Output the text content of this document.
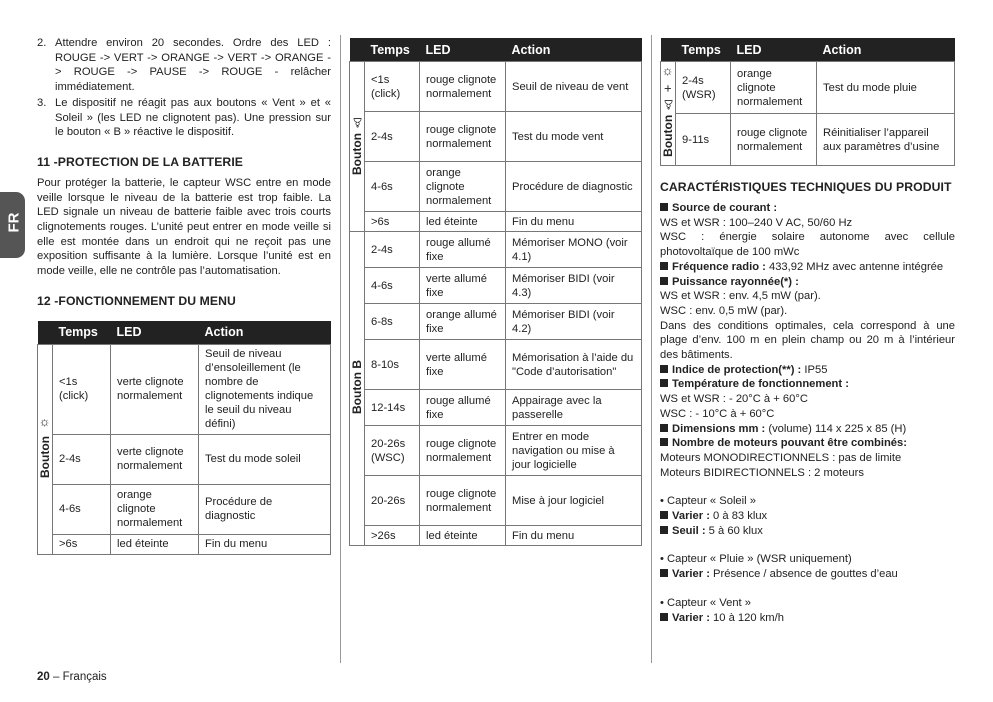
FR
2. Attendre environ 20 secondes. Ordre des LED : ROUGE -> VERT -> ORANGE -> VERT -> ORANGE -> ROUGE -> PAUSE -> ROUGE - relâcher immédiatement.
3. Le dispositif ne réagit pas aux boutons « Vent » et « Soleil » (les LED ne clignotent pas). Une pression sur le bouton « B » réactive le dispositif.
11 -PROTECTION DE LA BATTERIE

Pour protéger la batterie, le capteur WSC entre en mode veille lorsque le niveau de la batterie est trop faible. La LED signale un niveau de batterie faible avec trois courts clignotements rouges. L’unité peut entrer en mode veille si elle est montée dans un endroit qui ne reçoit pas une exposition suffisante à la lumière. Lorsque l’unité est en mode veille, elle ne contrôle pas l’automatisation.

12 -FONCTIONNEMENT DU MENU
	Temps	LED	Action

Bouton
☼	<1s (click)	verte clignote normalement	Seuil de niveau d’ensoleillement (le nombre de clignotements indique le seuil du niveau défini)
	2-4s	verte clignote normalement	Test du mode soleil
	4-6s	orange clignote normalement	Procédure de diagnostic
	>6s	led éteinte	Fin du menu
	Temps	LED	Action

Bouton
♙	<1s (click)	rouge clignote normalement	Seuil de niveau de vent
	2-4s	rouge clignote normalement	Test du mode vent
	4-6s	orange clignote normalement	Procédure de diagnostic
	>6s	led éteinte	Fin du menu
Bouton B	2-4s	rouge allumé fixe	Mémoriser MONO (voir 4.1)
	4-6s	verte allumé fixe	Mémoriser BIDI (voir 4.3)
	6-8s	orange allumé fixe	Mémoriser BIDI (voir 4.2)
	8-10s	verte allumé fixe	Mémorisation à l’aide du "Code d’autorisation"
	12-14s	rouge allumé fixe	Appairage avec la passerelle
	20-26s (WSC)	rouge clignote normalement	Entrer en mode navigation ou mise à jour logicielle
	20-26s	rouge clignote normalement	Mise à jour logiciel
	>26s	led éteinte	Fin du menu
	Temps	LED	Action

Bouton
♙ + ☼	2-4s (WSR)	orange clignote normalement	Test du mode pluie
	9-11s	rouge clignote normalement	Réinitialiser l’appareil aux paramètres d’usine
CARACTÉRISTIQUES TECHNIQUES DU PRODUIT

Source de courant :

WS et WSR : 100–240 V AC, 50/60 Hz

WSC : énergie solaire autonome avec cellule photovoltaïque de 100 mWc

Fréquence radio : 433,92 MHz avec antenne intégrée

Puissance rayonnée(*) :

WS et WSR : env. 4,5 mW (par).

WSC : env. 0,5 mW (par).

Dans des conditions optimales, cela correspond à une plage d’env. 100 m en plein champ ou 20 m à l’intérieur des bâtiments.

Indice de protection(**) : IP55

Température de fonctionnement :

WS et WSR : - 20°C à + 60°C

WSC : - 10°C à + 60°C

Dimensions mm : (volume) 114 x 225 x 85 (H)

Nombre de moteurs pouvant être combinés:

Moteurs MONODIRECTIONNELS : pas de limite

Moteurs BIDIRECTIONNELS : 2 moteurs

• Capteur « Soleil »

Varier : 0 à 83 klux

Seuil : 5 à 60 klux

• Capteur « Pluie » (WSR uniquement)

Varier : Présence / absence de gouttes d’eau

• Capteur « Vent »

Varier : 10 à 120 km/h

20 – Français
